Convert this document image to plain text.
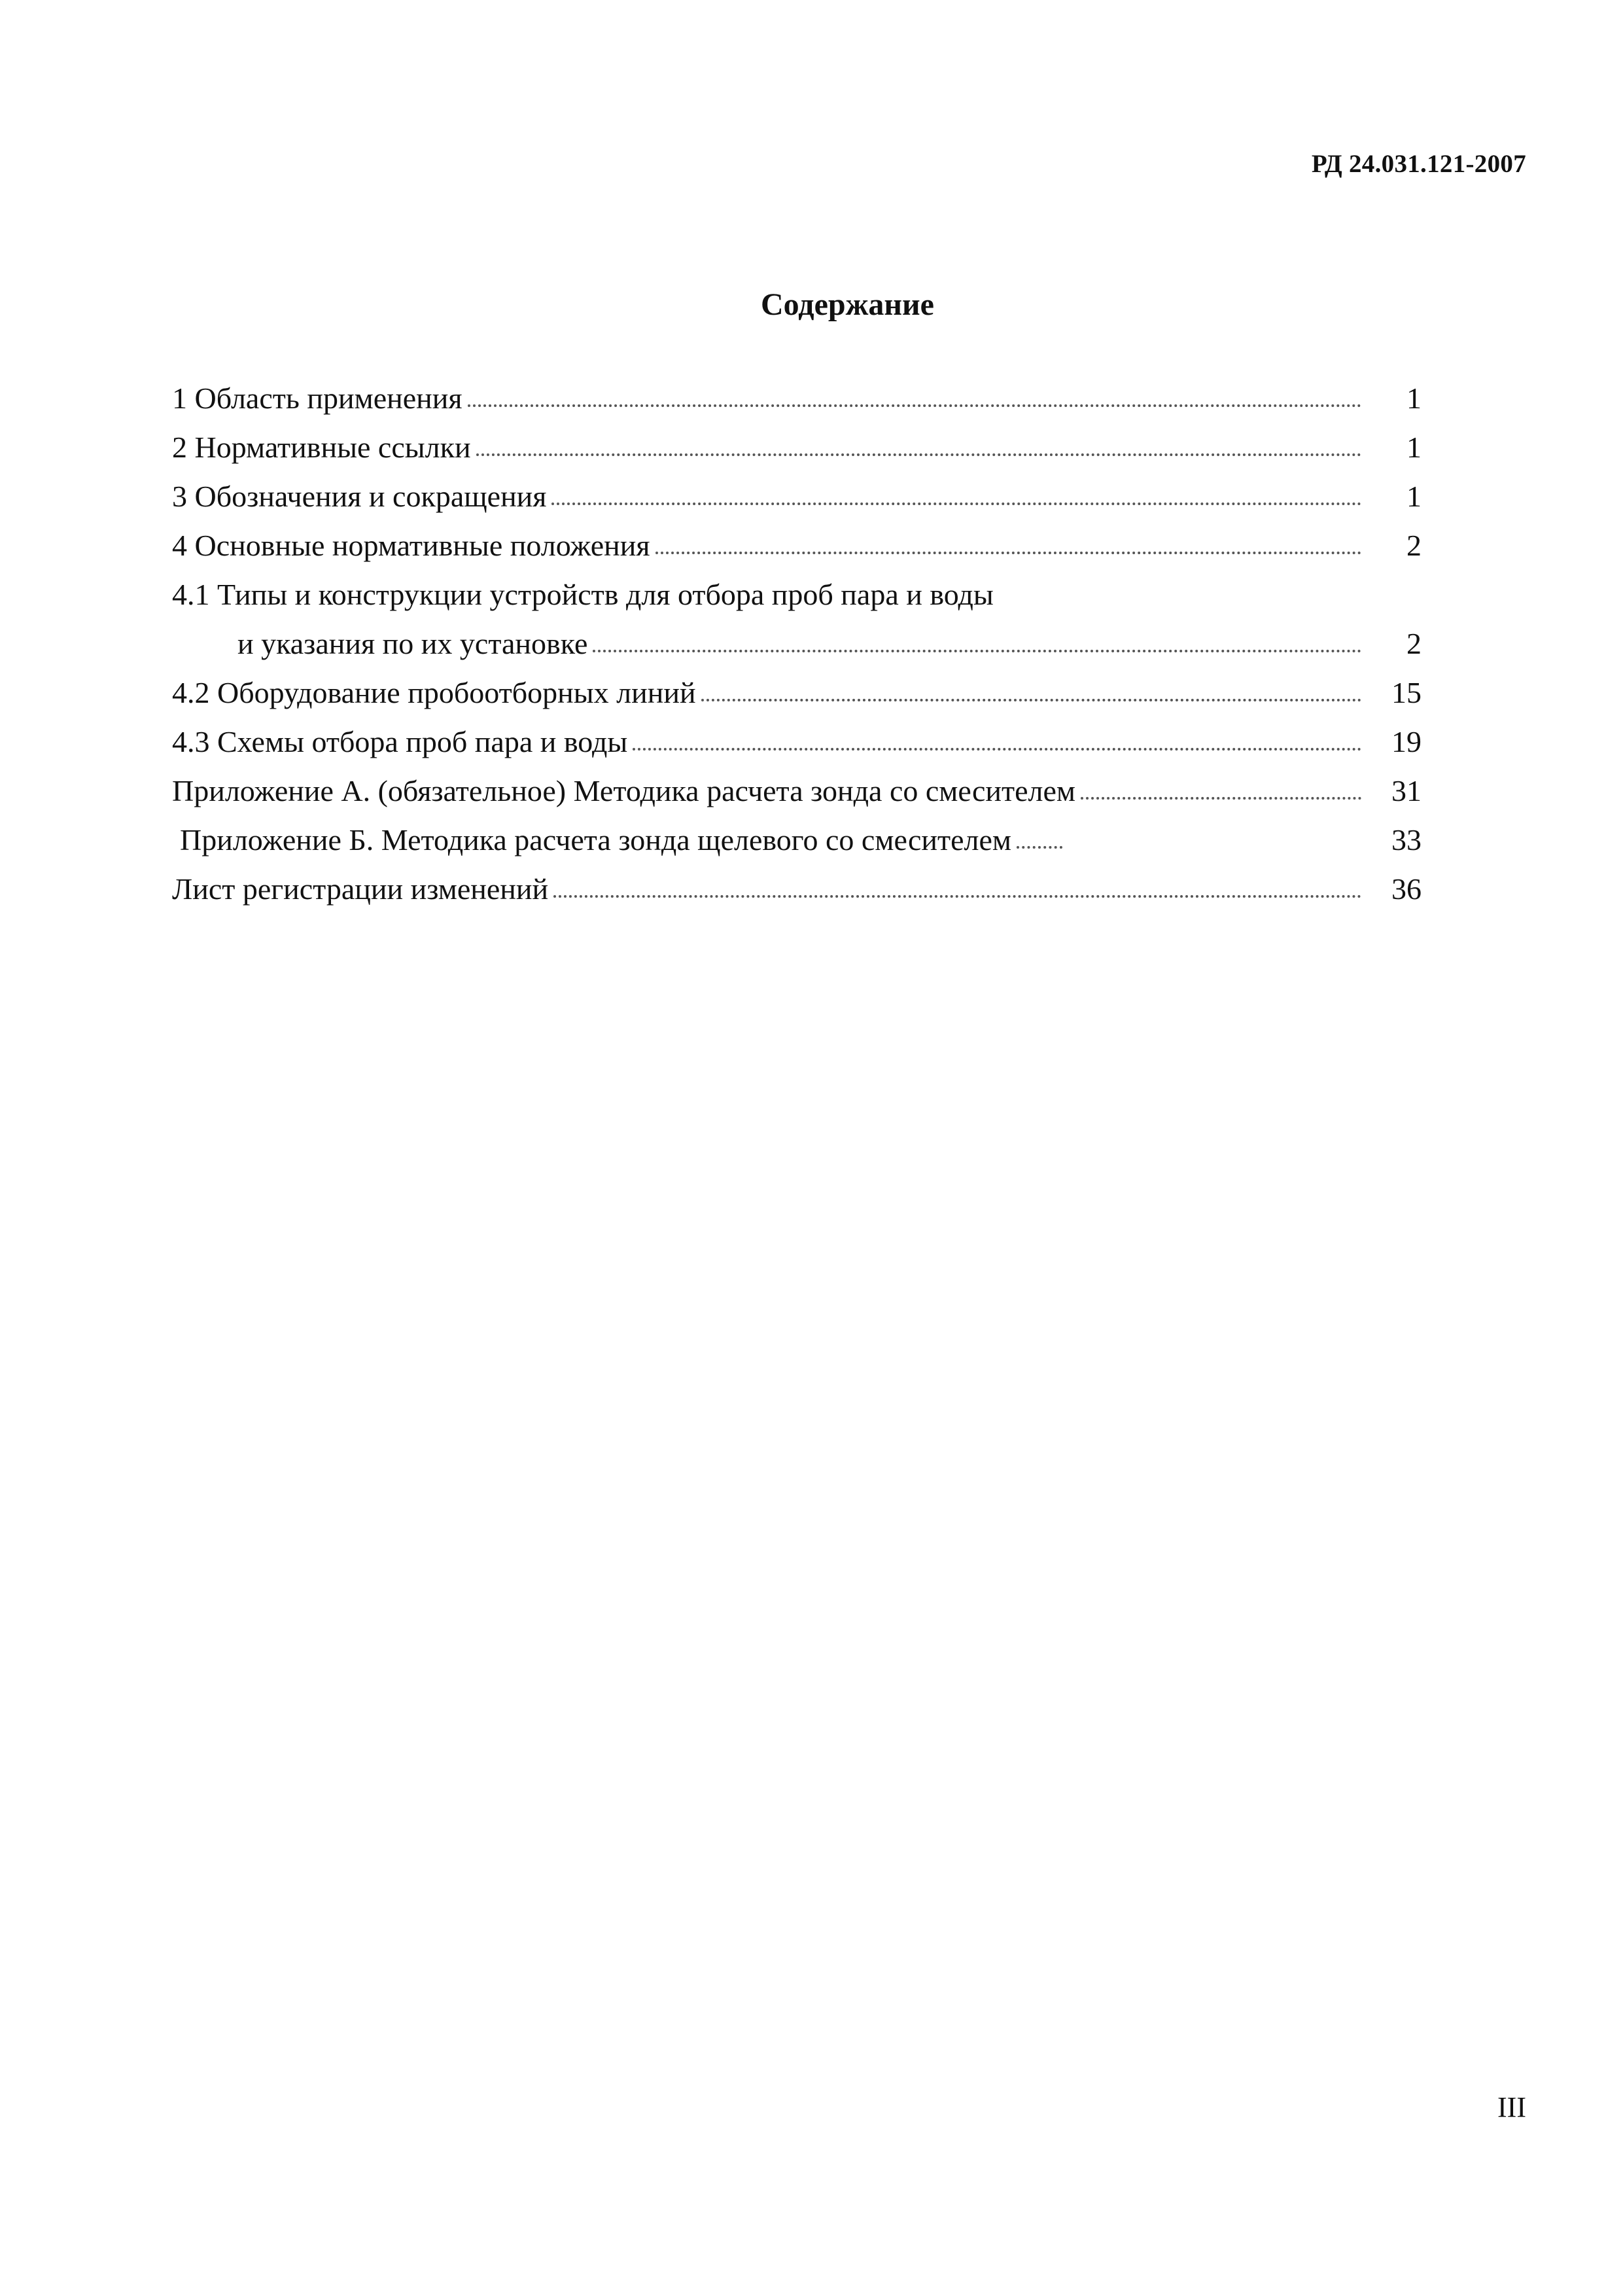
РД 24.031.121-2007
Содержание
1 Область применения	1
2 Нормативные ссылки	1
3 Обозначения и сокращения	1
4 Основные нормативные положения	2
4.1 Типы и конструкции устройств для отбора проб пара и воды
и указания по их установке	2
4.2 Оборудование пробоотборных линий	15
4.3 Схемы отбора проб пара и воды	19
Приложение А. (обязательное) Методика расчета зонда со смесителем	31
Приложение Б. Методика расчета зонда щелевого со смесителем	33
Лист регистрации изменений	36
III
